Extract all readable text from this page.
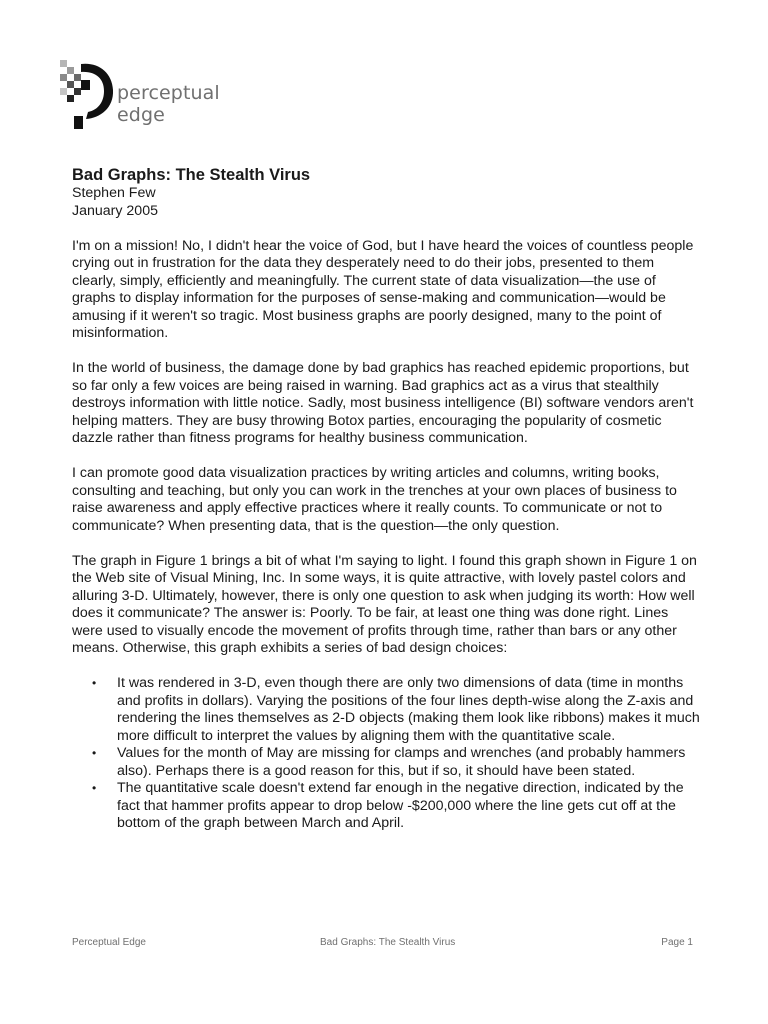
perceptual
edge
Bad Graphs: The Stealth Virus
Stephen Few
January 2005

I'm on a mission! No, I didn't hear the voice of God, but I have heard the voices of countless people crying out in frustration for the data they desperately need to do their jobs, presented to them clearly, simply, efficiently and meaningfully. The current state of data visualization—the use of graphs to display information for the purposes of sense-making and communication—would be amusing if it weren't so tragic. Most business graphs are poorly designed, many to the point of misinformation.

In the world of business, the damage done by bad graphics has reached epidemic proportions, but so far only a few voices are being raised in warning. Bad graphics act as a virus that stealthily destroys information with little notice. Sadly, most business intelligence (BI) software vendors aren't helping matters. They are busy throwing Botox parties, encouraging the popularity of cosmetic dazzle rather than fitness programs for healthy business communication.

I can promote good data visualization practices by writing articles and columns, writing books, consulting and teaching, but only you can work in the trenches at your own places of business to raise awareness and apply effective practices where it really counts. To communicate or not to communicate? When presenting data, that is the question—the only question.

The graph in Figure 1 brings a bit of what I'm saying to light. I found this graph shown in Figure 1 on the Web site of Visual Mining, Inc. In some ways, it is quite attractive, with lovely pastel colors and alluring 3-D. Ultimately, however, there is only one question to ask when judging its worth: How well does it communicate? The answer is: Poorly. To be fair, at least one thing was done right. Lines were used to visually encode the movement of profits through time, rather than bars or any other means. Otherwise, this graph exhibits a series of bad design choices:

• It was rendered in 3-D, even though there are only two dimensions of data (time in months and profits in dollars). Varying the positions of the four lines depth-wise along the Z-axis and rendering the lines themselves as 2-D objects (making them look like ribbons) makes it much more difficult to interpret the values by aligning them with the quantitative scale.
• Values for the month of May are missing for clamps and wrenches (and probably hammers also). Perhaps there is a good reason for this, but if so, it should have been stated.
• The quantitative scale doesn't extend far enough in the negative direction, indicated by the fact that hammer profits appear to drop below -$200,000 where the line gets cut off at the bottom of the graph between March and April.
Perceptual Edge	Bad Graphs: The Stealth Virus	Page 1
